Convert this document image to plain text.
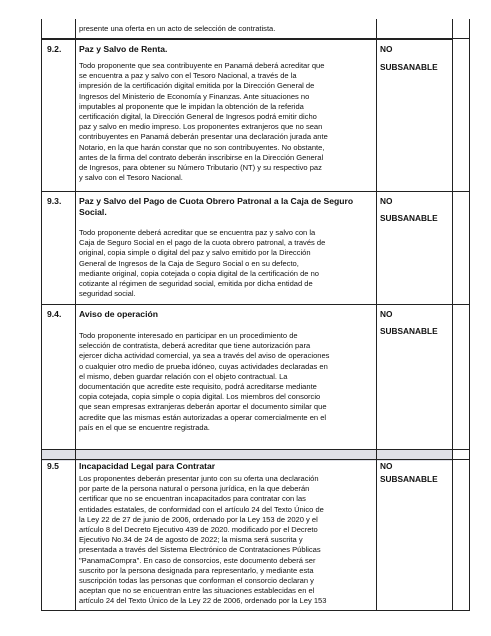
presente una oferta en un acto de selección de contratista.
9.2. Paz y Salvo de Renta.	NO
SUBSANABLE
Todo proponente que sea contribuyente en Panamá deberá acreditar que
se encuentra a paz y salvo con el Tesoro Nacional, a través de la
impresión de la certificación digital emitida por la Dirección General de
Ingresos del Ministerio de Economía y Finanzas. Ante situaciones no
imputables al proponente que le impidan la obtención de la referida
certificación digital, la Dirección General de Ingresos podrá emitir dicho
paz y salvo en medio impreso. Los proponentes extranjeros que no sean
contribuyentes en Panamá deberán presentar una declaración jurada ante
Notario, en la que harán constar que no son contribuyentes. No obstante,
antes de la firma del contrato deberán inscribirse en la Dirección General
de Ingresos, para obtener su Número Tributario (NT) y su respectivo paz
y salvo con el Tesoro Nacional.
9.3. Paz y Salvo del Pago de Cuota Obrero Patronal a la Caja de Seguro
Social.
NO
SUBSANABLE
Todo proponente deberá acreditar que se encuentra paz y salvo con la
Caja de Seguro Social en el pago de la cuota obrero patronal, a través de
original, copia simple o digital del paz y salvo emitido por la Dirección
General de Ingresos de la Caja de Seguro Social o en su defecto,
mediante original, copia cotejada o copia digital de la certificación de no
cotizante al régimen de seguridad social, emitida por dicha entidad de
seguridad social.
9.4. Aviso de operación	NO
SUBSANABLE
Todo proponente interesado en participar en un procedimiento de
selección de contratista, deberá acreditar que tiene autorización para
ejercer dicha actividad comercial, ya sea a través del aviso de operaciones
o cualquier otro medio de prueba idóneo, cuyas actividades declaradas en
el mismo, deben guardar relación con el objeto contractual. La
documentación que acredite este requisito, podrá acreditarse mediante
copia cotejada, copia simple o copia digital. Los miembros del consorcio
que sean empresas extranjeras deberán aportar el documento similar que
acredite que las mismas están autorizadas a operar comercialmente en el
país en el que se encuentre registrada.
9.5 Incapacidad Legal para Contratar	NO
SUBSANABLE
Los proponentes deberán presentar junto con su oferta una declaración
por parte de la persona natural o persona jurídica, en la que deberán
certificar que no se encuentran incapacitados para contratar con las
entidades estatales, de conformidad con el artículo 24 del Texto Único de
la Ley 22 de 27 de junio de 2006, ordenado por la Ley 153 de 2020 y el
artículo 8 del Decreto Ejecutivo 439 de 2020. modificado por el Decreto
Ejecutivo No.34 de 24 de agosto de 2022; la misma será suscrita y
presentada a través del Sistema Electrónico de Contrataciones Públicas
"PanamaCompra". En caso de consorcios, este documento deberá ser
suscrito por la persona designada para representarlo, y mediante esta
suscripción todas las personas que conforman el consorcio declaran y
aceptan que no se encuentran entre las situaciones establecidas en el
artículo 24 del Texto Único de la Ley 22 de 2006, ordenado por la Ley 153
